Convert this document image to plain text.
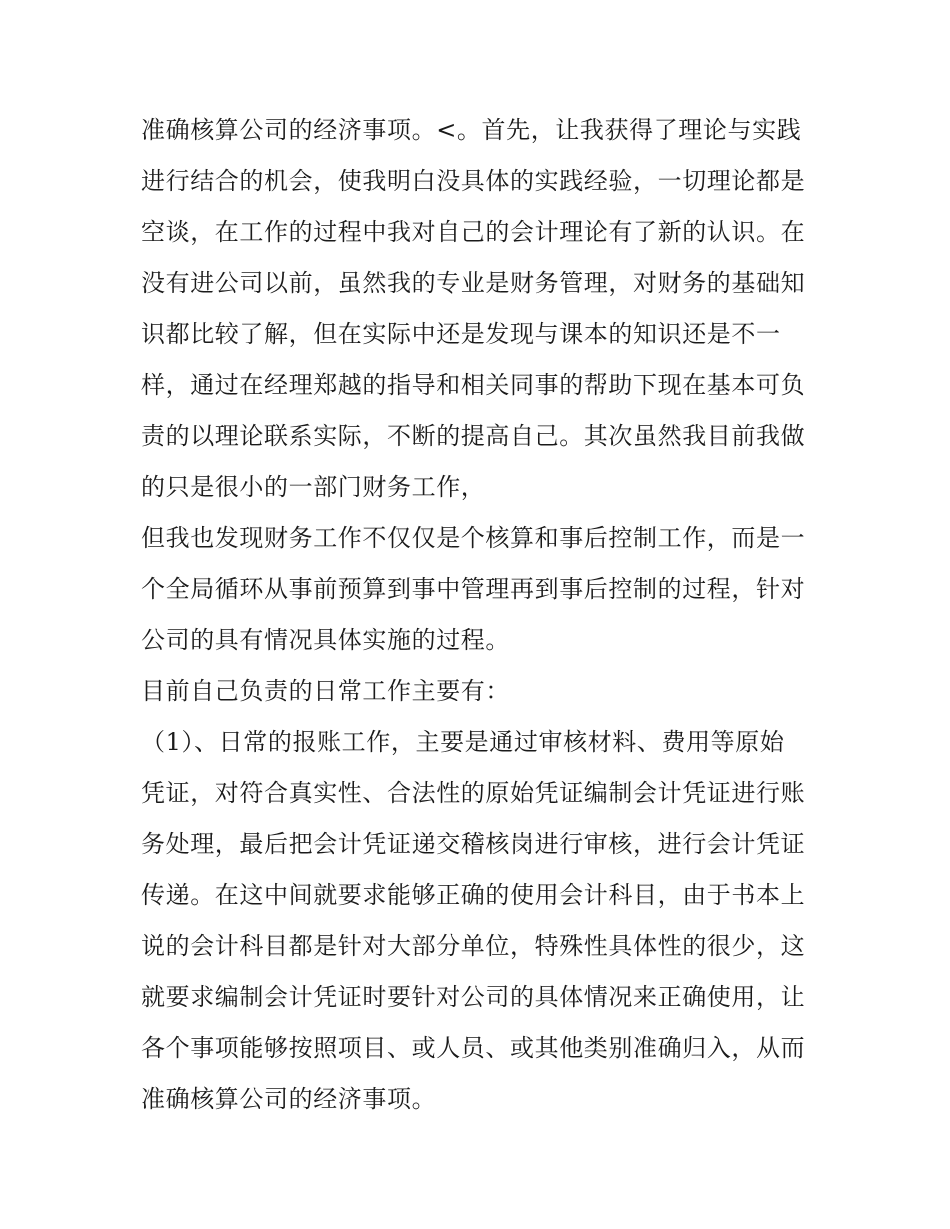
准确核算公司的经济事项。<。首先，让我获得了理论与实践
进行结合的机会，使我明白没具体的实践经验，一切理论都是
空谈，在工作的过程中我对自己的会计理论有了新的认识。在
没有进公司以前，虽然我的专业是财务管理，对财务的基础知
识都比较了解，但在实际中还是发现与课本的知识还是不一
样，通过在经理郑越的指导和相关同事的帮助下现在基本可负
责的以理论联系实际，不断的提高自己。其次虽然我目前我做
的只是很小的一部门财务工作，
但我也发现财务工作不仅仅是个核算和事后控制工作，而是一
个全局循环从事前预算到事中管理再到事后控制的过程，针对
公司的具有情况具体实施的过程。
目前自己负责的日常工作主要有：
（1）、日常的报账工作，主要是通过审核材料、费用等原始
凭证，对符合真实性、合法性的原始凭证编制会计凭证进行账
务处理，最后把会计凭证递交稽核岗进行审核，进行会计凭证
传递。在这中间就要求能够正确的使用会计科目，由于书本上
说的会计科目都是针对大部分单位，特殊性具体性的很少，这
就要求编制会计凭证时要针对公司的具体情况来正确使用，让
各个事项能够按照项目、或人员、或其他类别准确归入，从而
准确核算公司的经济事项。
